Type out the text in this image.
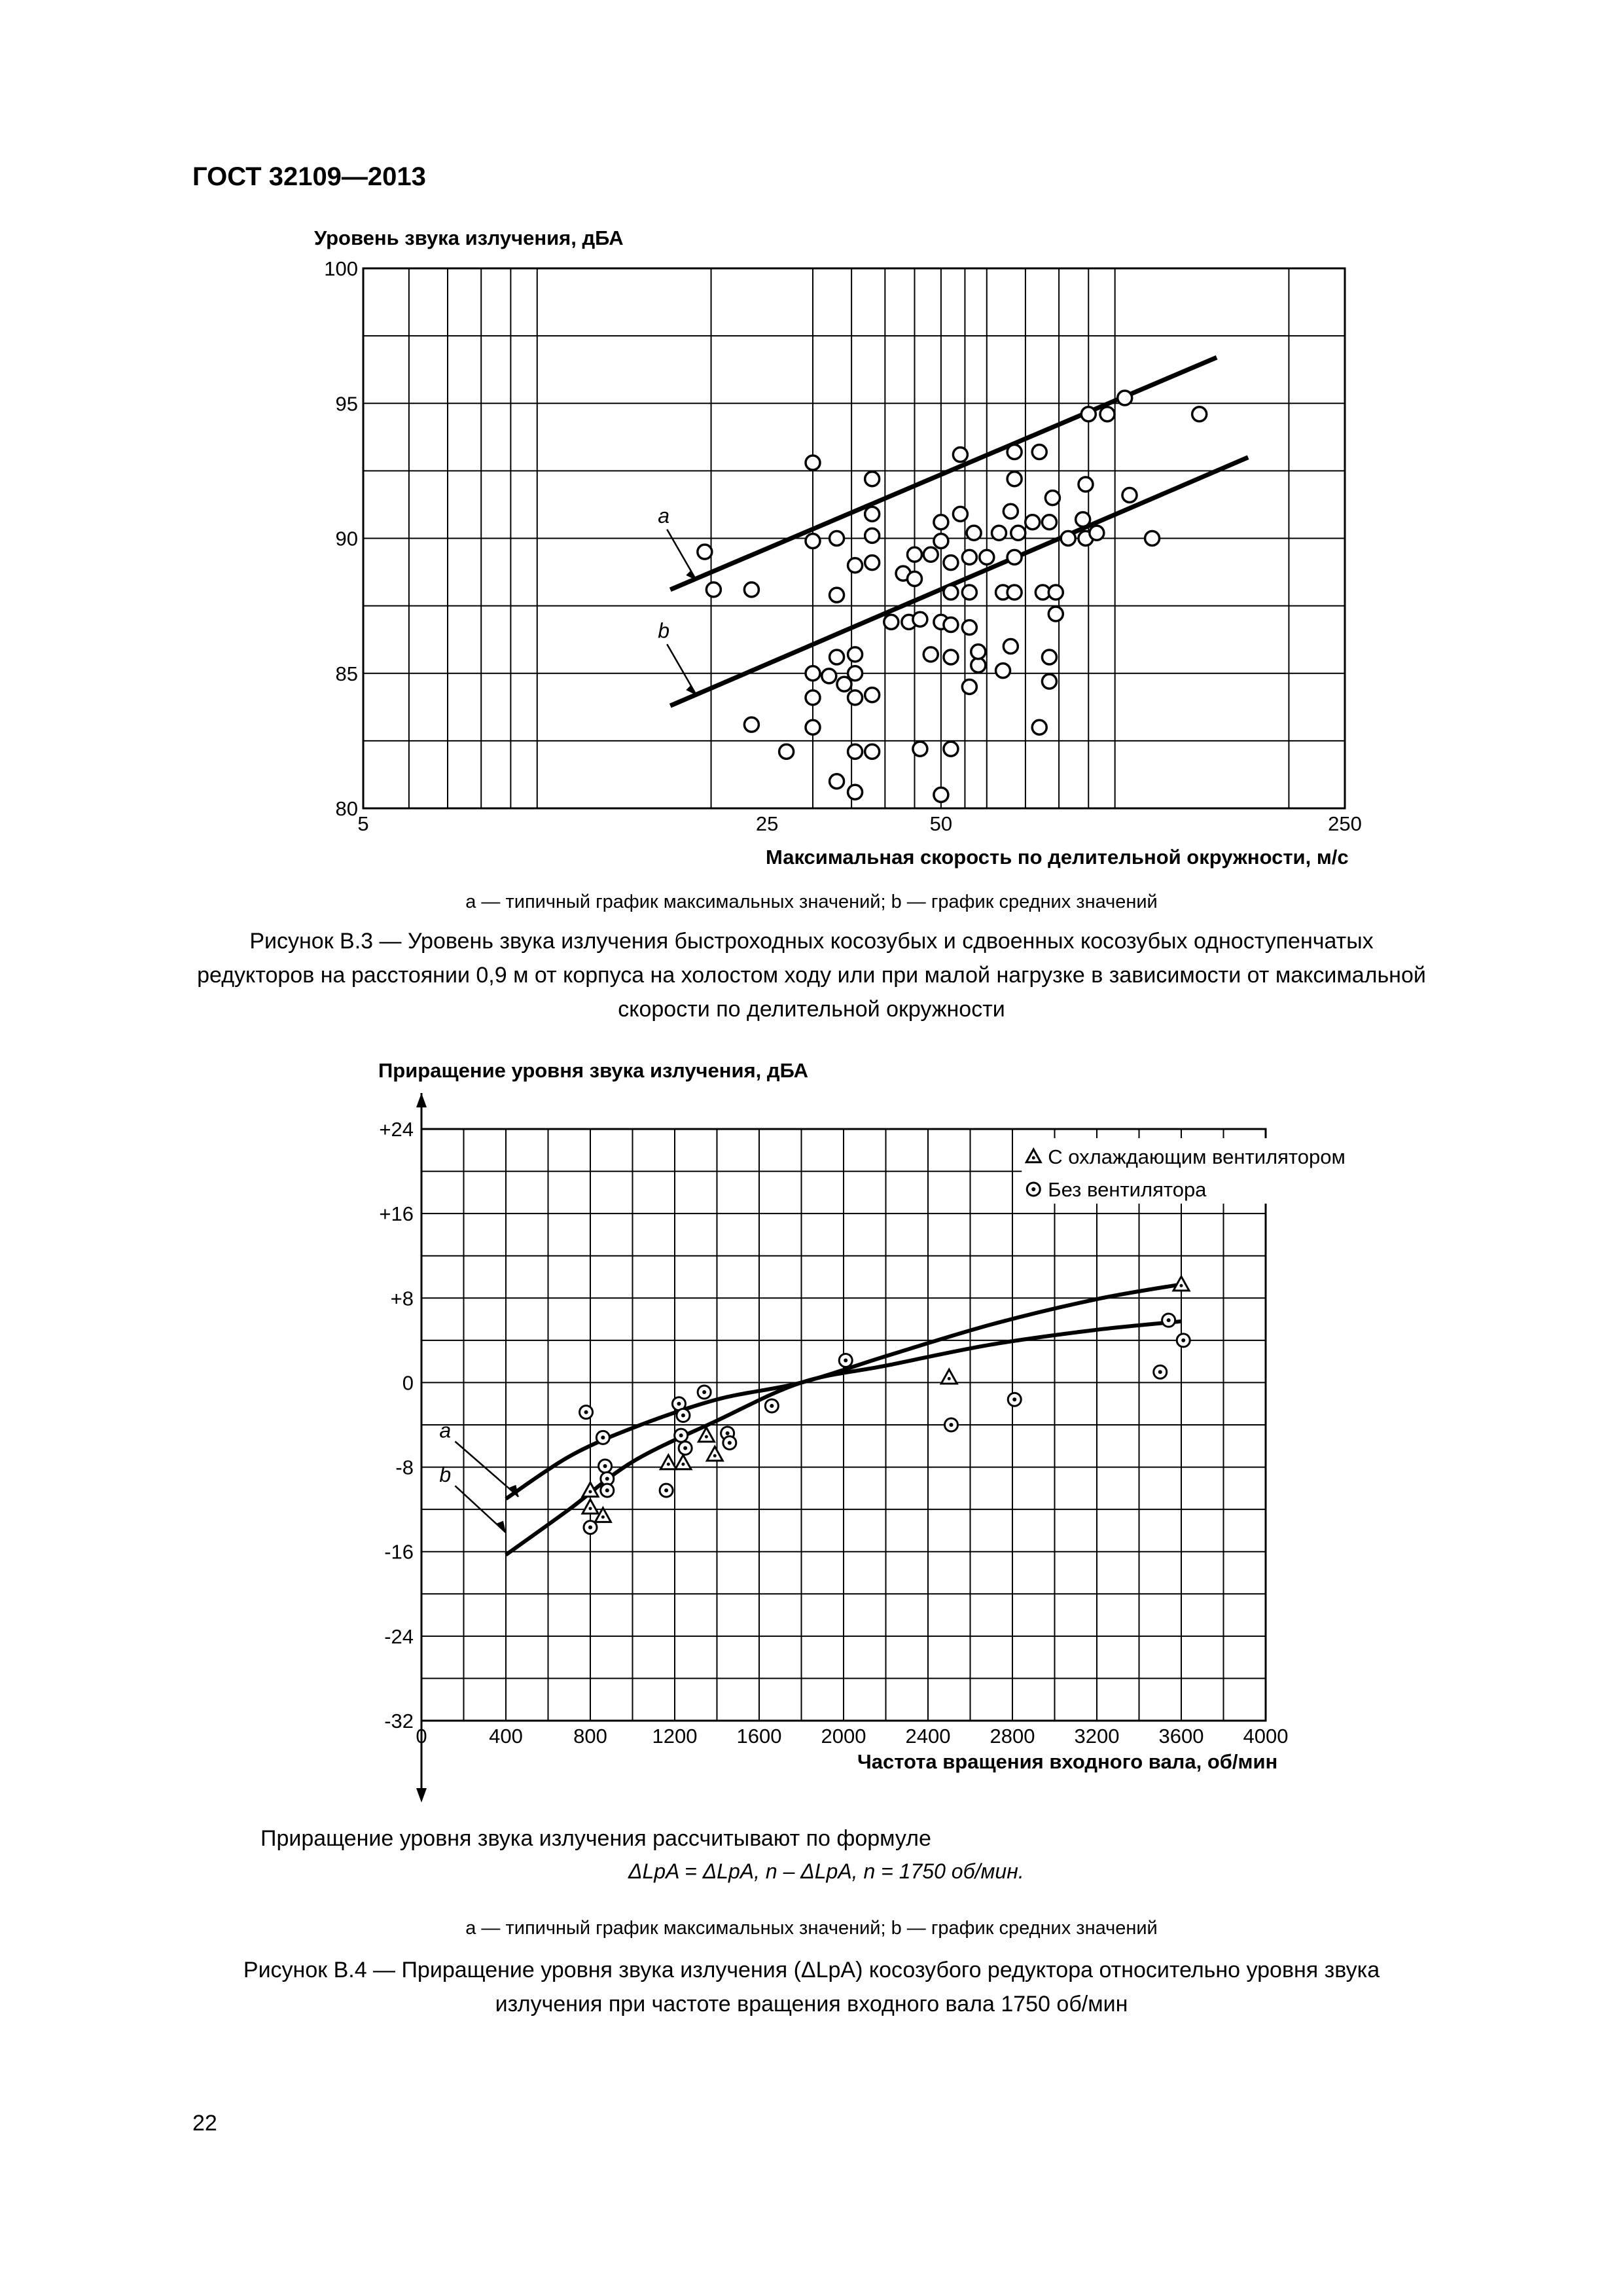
ГОСТ 32109—2013
Уровень звука излучения, дБА
100
95
90
85
80
5	25	50	250
a
b
Максимальная скорость по делительной окружности, м/с
a — типичный график максимальных значений; b — график средних значений
Рисунок В.3 — Уровень звука излучения быстроходных косозубых и сдвоенных косозубых одноступенчатых редукторов на расстоянии 0,9 м от корпуса на холостом ходу или при малой нагрузке в зависимости от максимальной скорости по делительной окружности
Приращение уровня звука излучения, дБА
+24
+16
+8
0
-8
-16
-24
-32
0	400 800 1200 1600 2000 2400 2800 3200 3600 4000
С охлаждающим вентилятором
Без вентилятора
a
b
Частота вращения входного вала, об/мин
Приращение уровня звука излучения рассчитывают по формуле
ΔLpA = ΔLpA, n – ΔLpA, n = 1750 об/мин.
a — типичный график максимальных значений; b — график средних значений
Рисунок В.4 — Приращение уровня звука излучения (ΔLpA) косозубого редуктора относительно уровня звука излучения при частоте вращения входного вала 1750 об/мин
22
